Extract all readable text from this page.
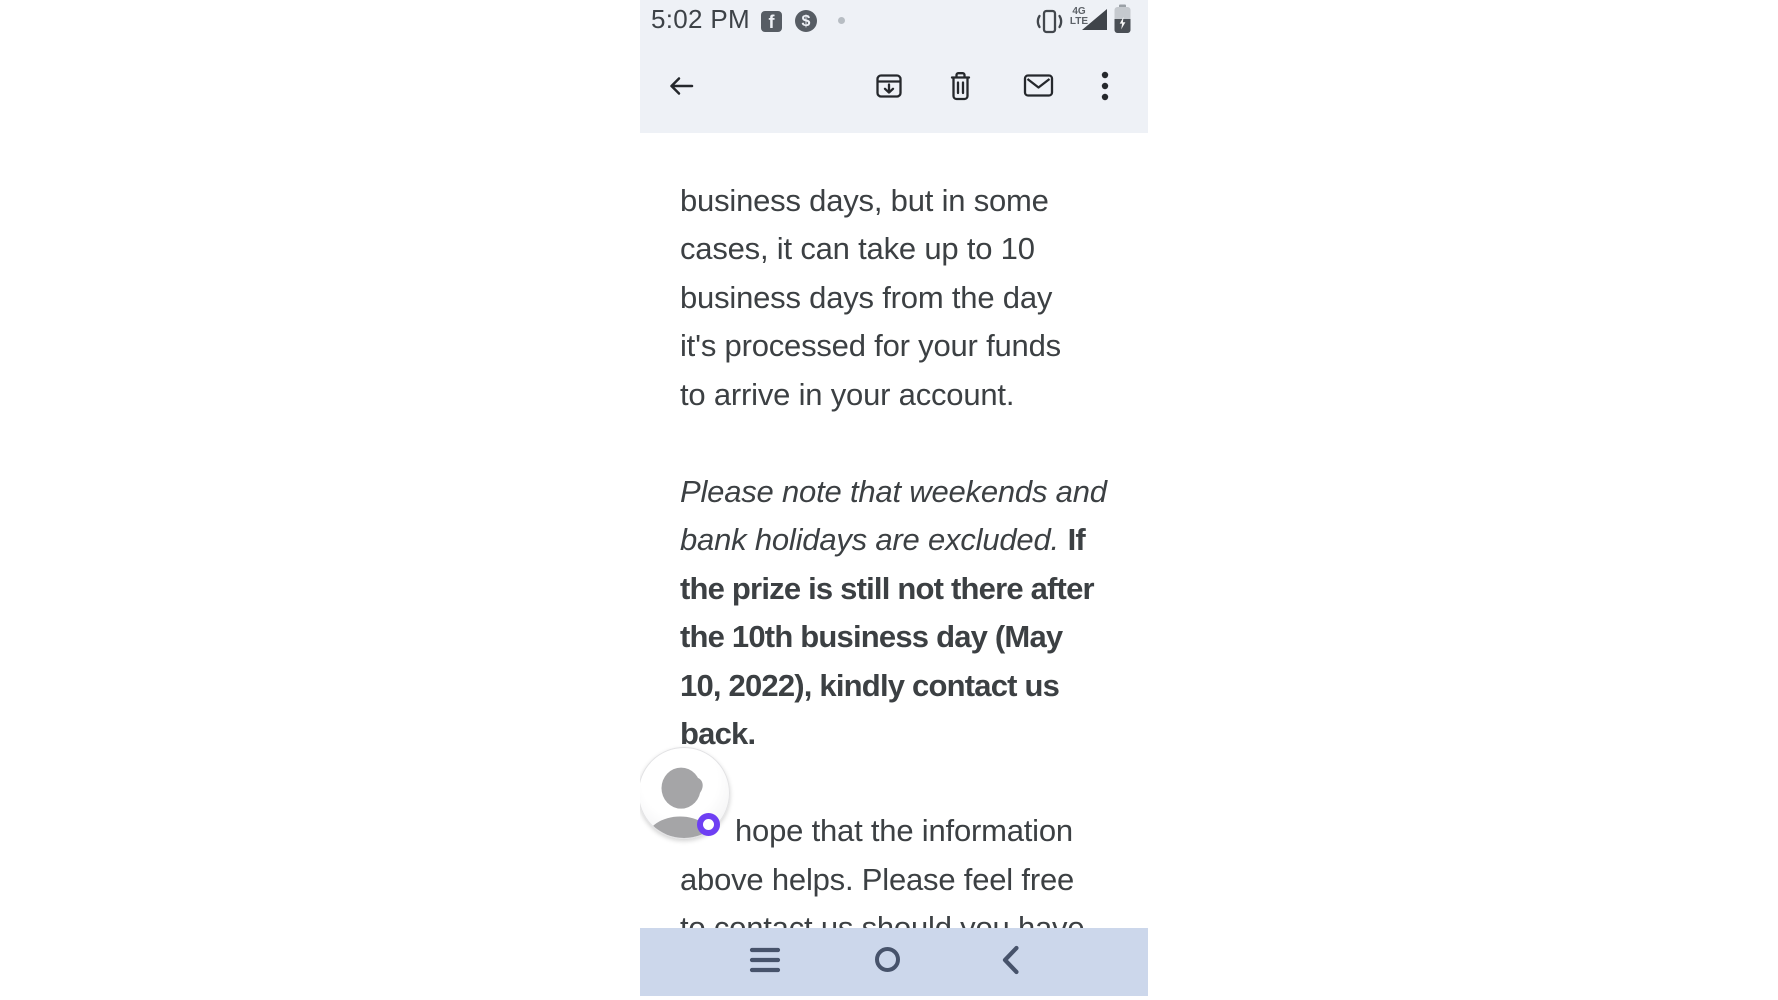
5:02 PM	f	$
4G
LTE

business days, but in some
cases, it can take up to 10
business days from the day
it's processed for your funds
to arrive in your account.

Please note that weekends and
bank holidays are excluded. If
the prize is still not there after
the 10th business day (May
10, 2022), kindly contact us
back.

hope that the information
above helps. Please feel free
